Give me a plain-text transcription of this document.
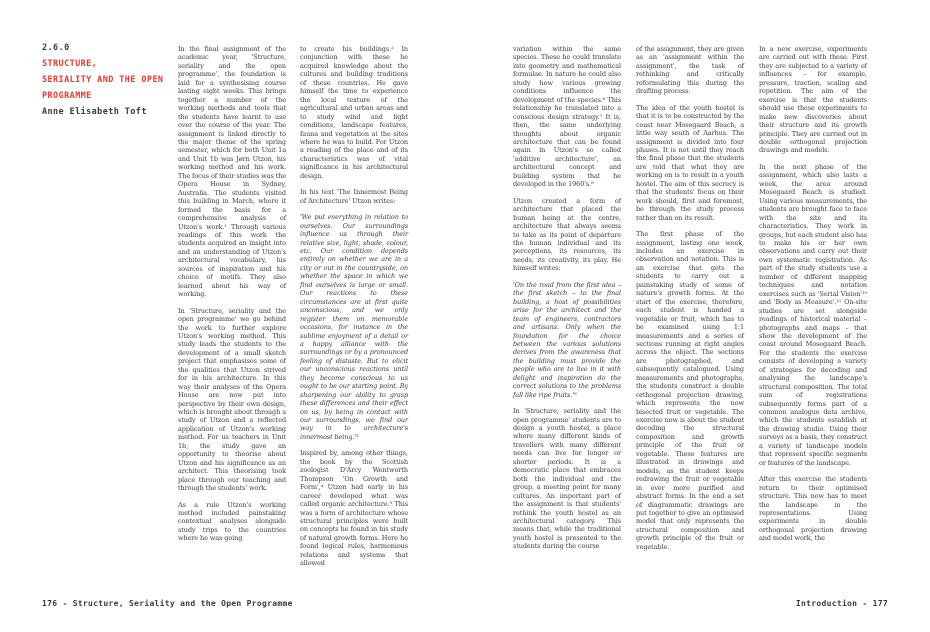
2.6.0
STRUCTURE,
SERIALITY AND THE OPEN
PROGRAMME
Anne Elisabeth Toft

In the final assignment of the academic year, 'Structure, seriality and the open programme', the foundation is laid for a synthesising course lasting eight weeks. This brings together a number of the working methods and tools that the students have learnt to use over the course of the year. The assignment is linked directly to the major theme of the spring semester, which for both Unit 1a and Unit 1b was Jørn Utzon, his working method and his work. The focus of their studies was the Opera House in Sydney, Australia. The students visited this building in March, where it formed the basis for a comprehensive analysis of Utzon's work.¹ Through various readings of this work the students acquired an insight into and an understanding of Utzon's architectural vocabulary, his sources of inspiration and his choice of motifs. They also learned about his way of working.

In 'Structure, seriality and the open programme' we go behind the work to further explore Utzon's working method. This study leads the students to the development of a small sketch project that emphasises some of the qualities that Utzon strived for in his architecture. In this way their analyses of the Opera House are now put into perspective by their own design, which is brought about through a study of Utzon and a reflected application of Utzon's working method. For us teachers in Unit 1b, the study gave an opportunity to theorise about Utzon and his significance as an architect. This theorising took place through our teaching and through the students' work.

As a rule Utzon's working method included painstaking contextual analyses alongside study trips to the countries where he was going

to create his buildings.² In conjunction with these he acquired knowledge about the cultures and building traditions of these countries. He gave himself the time to experience the local texture of the agricultural and urban areas and to study wind and light conditions, landscape features, fauna and vegetation at the sites where he was to build. For Utzon a reading of the place and of its characteristics was of vital significance in his architectural design.

In his text 'The Innermost Being of Architecture' Utzon writes:

'We put everything in relation to ourselves. Our surroundings influence us through their relative size, light, shade, colour, etc. Our condition depends entirely on whether we are in a city or out in the countryside, on whether the space in which we find ourselves is large or small. Our reactions to these circumstances are at first quite unconscious, and we only register them on memorable occasions, for instance in the sublime enjoyment of a detail or a happy alliance with the surroundings or by a pronounced feeling of distaste. But to elicit our unconscious reactions until they become conscious to us ought to be our starting point. By sharpening our ability to grasp these differences and their effect on us, by being in contact with our surroundings, we find our way in to architecture's innermost being.'³

Inspired by, among other things, the book by the Scottish zoologist D'Arcy Wentworth Thompson 'On Growth and Form',⁴ Utzon had early in his career developed what was called organic architecture.⁵ This was a form of architecture whose structural principles were built on concepts he found in his study of natural growth forms. Here he found logical rules, harmonious relations and systems that allowed

variation within the same species. These he could translate into geometry and mathematical formulae. In nature he could also study how various growing conditions influence the development of the species.⁶ This relationship he translated into a conscious design strategy.⁷ It is, then, the same underlying thoughts about organic architecture that can be found again in Utzon's so called 'additive architecture', an architectural concept and building system that he developed in the 1960's.⁸

Utzon created a form of architecture that placed the human being at the centre, architecture that always seems to take as its point of departure the human individual and its perceptions, its resources, its needs, its creativity, its play. He himself writes:

'On the road from the first idea – the first sketch – to the final building, a host of possibilities arise for the architect and the team of engineers, contractors and artisans. Only when the foundation for the choice between the various solutions derives from the awareness that the building must provide the people who are to live in it with delight and inspiration do the correct solutions to the problems fall like ripe fruits.'⁹

In 'Structure, seriality and the open programme' students are to design a youth hostel, a place where many different kinds of travellers with many different needs can live for longer or shorter periods. It is a democratic place that embraces both the individual and the group, a meeting point for many cultures. An important part of the assignment is that students' rethink the youth hostel as an architectural category. This means that, while the traditional youth hostel is presented to the students during the course

of the assignment, they are given as an 'assignment within the assignment', the task of rethinking and critically reformulating this during the drafting process.

The idea of the youth hostel is that it is to be constructed by the coast near Mosegaard Beach, a little way south of Aarhus. The assignment is divided into four phases. It is not until they reach the final phase that the students are told that what they are working on is to result in a youth hostel. The aim of this secrecy is that the students' focus on their work should, first and foremost, be through the study process rather than on its result.

The first phase of the assignment, lasting one week, includes an exercise in observation and notation. This is an exercise that gets the students to carry out a painstaking study of some of nature's growth forms. At the start of the exercise, therefore, each student is handed a vegetable or fruit, which has to be examined using 1:1 measurements and a series of sections running at right angles across the object. The sections are photographed, and subsequently catalogued. Using measurements and photographs, the students construct a double orthogonal projection drawing, which represents the now bisected fruit or vegetable. The exercise now is about the student decoding the structural composition and growth principle of the fruit or vegetable. These features are illustrated in drawings and models, as the student keeps redrawing the fruit or vegetable in ever more purified and abstract forms. In the end a set of diagrammatic drawings are put together to give an optimised model that only represents the structural composition and growth principle of the fruit or vegetable.

In a new exercise, experiments are carried out with these. First they are subjected to a variety of influences – for example, pressure, traction, scaling and repetition. The aim of the exercise is that the students should use these experiments to make new discoveries about their structure and its growth principle. They are carried out in double orthogonal projection drawings and models.

In the next phase of the assignment, which also lasts a week, the area around Mosegaard Beach is studied. Using various measurements, the students are brought face to face with the site and its characteristics. They work in groups, but each student also has to make his or her own observations and carry out their own systematic registration. As part of the study students use a number of different mapping techniques and notation exercises such as 'Serial Vision'¹⁰ and 'Body as Measure'.¹¹ On-site studies are set alongside readings of historical material – photographs and maps – that show the development of the coast around Mosegaard Beach. For the students the exercise consists of developing a variety of strategies for decoding and analysing the landscape's structural composition. The total sum of registrations subsequently forms part of a common analogue data archive, which the students establish at the drawing studio. Using their surveys as a basis, they construct a variety of landscape models that represent specific segments or features of the landscape.

After this exercise the students return to their optimised structure. This now has to meet the landscape in the representations. Using experiments in double orthogonal projection drawing and model work, the

176 - Structure, Seriality and the Open Programme	Introduction - 177
